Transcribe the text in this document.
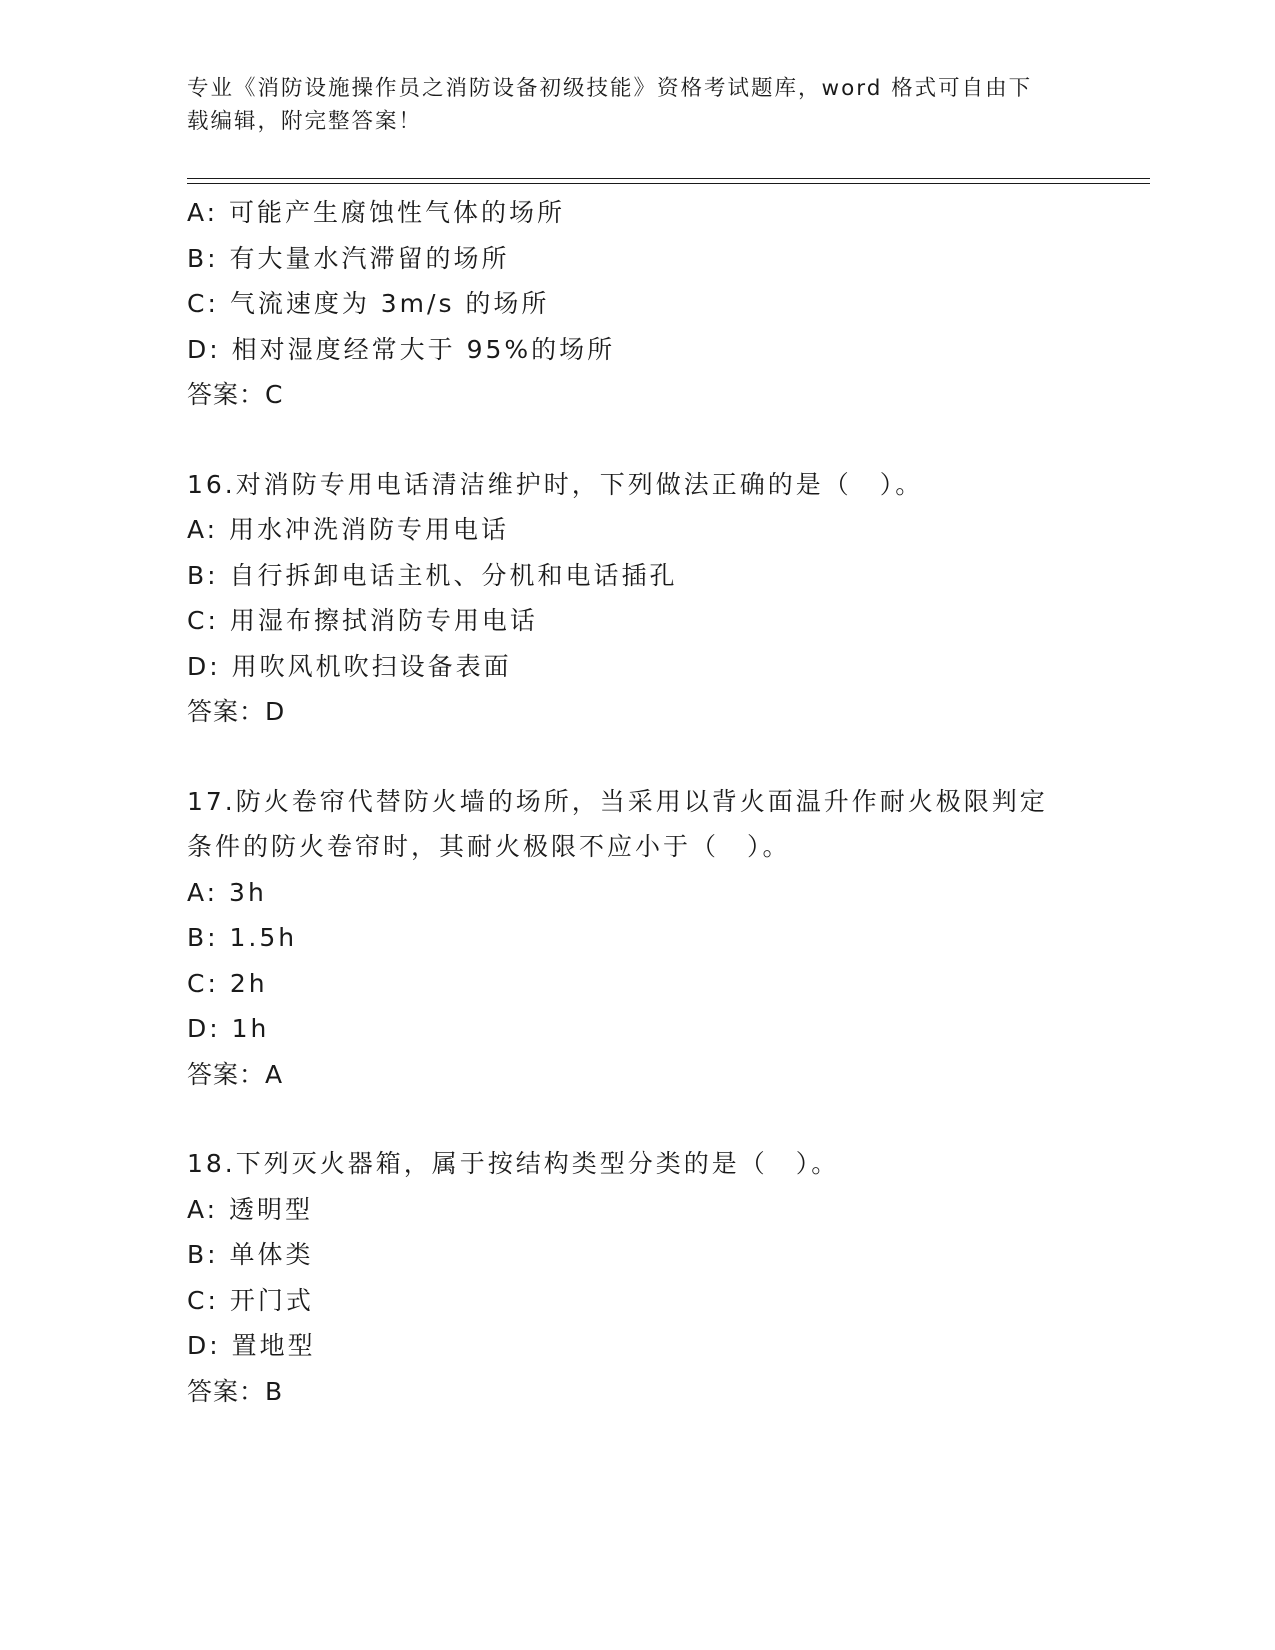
专业《消防设施操作员之消防设备初级技能》资格考试题库，word 格式可自由下
载编辑，附完整答案！
A: 可能产生腐蚀性气体的场所
B: 有大量水汽滞留的场所
C: 气流速度为 3m/s 的场所
D: 相对湿度经常大于 95%的场所
答案：C
16.对消防专用电话清洁维护时，下列做法正确的是（　）。
A: 用水冲洗消防专用电话
B: 自行拆卸电话主机、分机和电话插孔
C: 用湿布擦拭消防专用电话
D: 用吹风机吹扫设备表面
答案：D
17.防火卷帘代替防火墙的场所，当采用以背火面温升作耐火极限判定
条件的防火卷帘时，其耐火极限不应小于（　）。
A: 3h
B: 1.5h
C: 2h
D: 1h
答案：A
18.下列灭火器箱，属于按结构类型分类的是（　）。
A: 透明型
B: 单体类
C: 开门式
D: 置地型
答案：B
